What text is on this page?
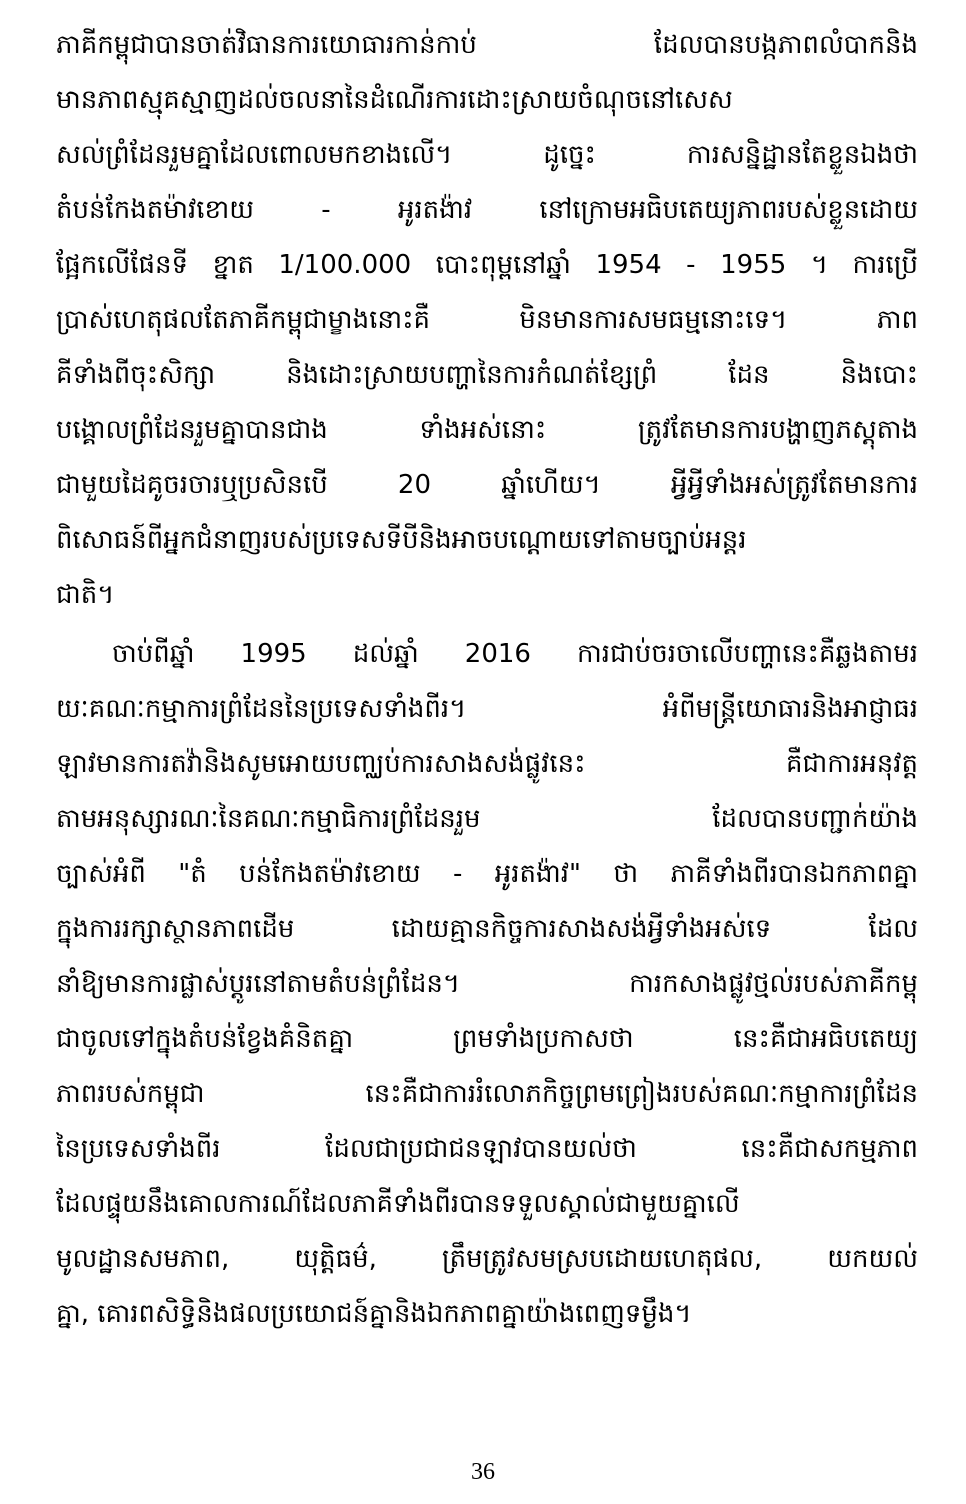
ភាគីកម្ពុជាបានចាត់វិធានការយោធារកាន់កាប់ ដែលបានបង្កភាពលំបាកនិង
មានភាពស្មុគស្មាញដល់ចលនានៃដំណើរការដោះស្រាយចំណុចនៅសេស
សល់ព្រំដែនរួមគ្នាដែលពោលមកខាងលើ។ ដូច្នេះ ការសន្និដ្ឋានតែខ្លួនឯងថា
តំបន់កែងតម៉ាវខោយ - អូរតង៉ាវ នៅក្រោមអធិបតេយ្យភាពរបស់ខ្លួនដោយ
ផ្អែកលើផែនទី ខ្នាត 1/100.000 បោះពុម្ពនៅឆ្នាំ 1954 - 1955 ។ ការប្រើ
ប្រាស់ហេតុផលតែភាគីកម្ពុជាម្ខាងនោះគឺ មិនមានការសមធម្មនោះទេ។ ភាព
គីទាំងពីចុះសិក្សា និងដោះស្រាយបញ្ហានៃការកំណត់ខ្សែព្រំ ដែន និងបោះ
បង្គោលព្រំដែនរួមគ្នាបានជាង ទាំងអស់នោះ ត្រូវតែមានការបង្ហាញភស្តុតាង
ជាមួយដៃគូចរចារឬប្រសិនបើ 20 ឆ្នាំហើយ។ អ្វីអ្វីទាំងអស់ត្រូវតែមានការ
ពិសោធន៍ពីអ្នកជំនាញរបស់ប្រទេសទីបីនិងអាចបណ្តោយទៅតាមច្បាប់អន្តរ
ជាតិ។
ចាប់ពីឆ្នាំ 1995 ដល់ឆ្នាំ 2016 ការជាប់ចរចាលើបញ្ហានេះគឺឆ្លងតាមរ
យៈគណៈកម្មាការព្រំដែននៃប្រទេសទាំងពីរ។ អំពីមន្ត្រីយោធារនិងអាជ្ញាធរ
ឡាវមានការតវ៉ានិងសូមអោយបញ្ឈប់ការសាងសង់ផ្លូវនេះ គឺជាការអនុវត្ត
តាមអនុស្សារណៈនៃគណៈកម្មាធិការព្រំដែនរួម ដែលបានបញ្ជាក់យ៉ាង
ច្បាស់អំពី "តំ បន់កែងតម៉ាវខោយ - អូរតង៉ាវ" ថា ភាគីទាំងពីរបានឯកភាពគ្នា
ក្នុងការរក្សាស្ថានភាពដើម ដោយគ្មានកិច្ចការសាងសង់អ្វីទាំងអស់ទេ ដែល
នាំឱ្យមានការផ្លាស់ប្តូរនៅតាមតំបន់ព្រំដែន។ ការកសាងផ្លូវថ្មល់របស់ភាគីកម្ពុ
ជាចូលទៅក្នុងតំបន់ខ្វែងគំនិតគ្នា ព្រមទាំងប្រកាសថា នេះគឺជាអធិបតេយ្យ
ភាពរបស់កម្ពុជា នេះគឺជាការរំលោភកិច្ចព្រមព្រៀងរបស់គណៈកម្មាការព្រំដែន
នៃប្រទេសទាំងពីរ ដែលជាប្រជាជនឡាវបានយល់ថា នេះគឺជាសកម្មភាព
ដែលផ្ទុយនឹងគោលការណ៍ដែលភាគីទាំងពីរបានទទួលស្គាល់ជាមួយគ្នាលើ
មូលដ្ឋានសមភាព, យុត្តិធម៌, ត្រឹមត្រូវសមស្របដោយហេតុផល, យកយល់
គ្នា, គោរពសិទ្ធិនិងផលប្រយោជន៍គ្នានិងឯកភាពគ្នាយ៉ាងពេញទម្ងឹង។
36
